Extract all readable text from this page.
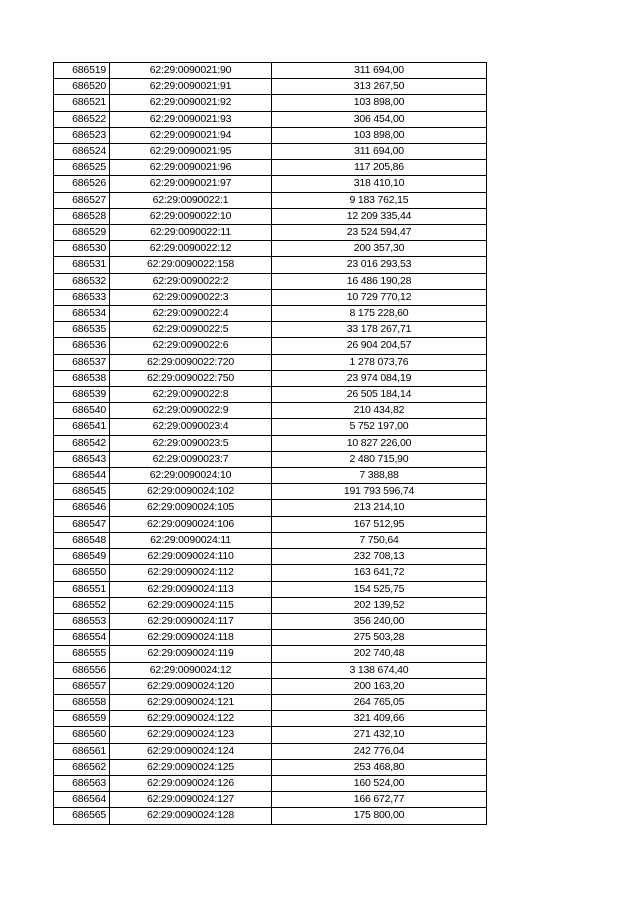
686519	62:29:0090021:90	311 694,00
686520	62:29:0090021:91	313 267,50
686521	62:29:0090021:92	103 898,00
686522	62:29:0090021:93	306 454,00
686523	62:29:0090021:94	103 898,00
686524	62:29:0090021:95	311 694,00
686525	62:29:0090021:96	117 205,86
686526	62:29:0090021:97	318 410,10
686527	62:29:0090022:1	9 183 762,15
686528	62:29:0090022:10	12 209 335,44
686529	62:29:0090022:11	23 524 594,47
686530	62:29:0090022:12	200 357,30
686531	62:29:0090022:158	23 016 293,53
686532	62:29:0090022:2	16 486 190,28
686533	62:29:0090022:3	10 729 770,12
686534	62:29:0090022:4	8 175 228,60
686535	62:29:0090022:5	33 178 267,71
686536	62:29:0090022:6	26 904 204,57
686537	62:29:0090022:720	1 278 073,76
686538	62:29:0090022:750	23 974 084,19
686539	62:29:0090022:8	26 505 184,14
686540	62:29:0090022:9	210 434,82
686541	62:29:0090023:4	5 752 197,00
686542	62:29:0090023:5	10 827 226,00
686543	62:29:0090023:7	2 480 715,90
686544	62:29:0090024:10	7 388,88
686545	62:29:0090024:102	191 793 596,74
686546	62:29:0090024:105	213 214,10
686547	62:29:0090024:106	167 512,95
686548	62:29:0090024:11	7 750,64
686549	62:29:0090024:110	232 708,13
686550	62:29:0090024:112	163 641,72
686551	62:29:0090024:113	154 525,75
686552	62:29:0090024:115	202 139,52
686553	62:29:0090024:117	356 240,00
686554	62:29:0090024:118	275 503,28
686555	62:29:0090024:119	202 740,48
686556	62:29:0090024:12	3 138 674,40
686557	62:29:0090024:120	200 163,20
686558	62:29:0090024:121	264 765,05
686559	62:29:0090024:122	321 409,66
686560	62:29:0090024:123	271 432,10
686561	62:29:0090024:124	242 776,04
686562	62:29:0090024:125	253 468,80
686563	62:29:0090024:126	160 524,00
686564	62:29:0090024:127	166 672,77
686565	62:29:0090024:128	175 800,00
